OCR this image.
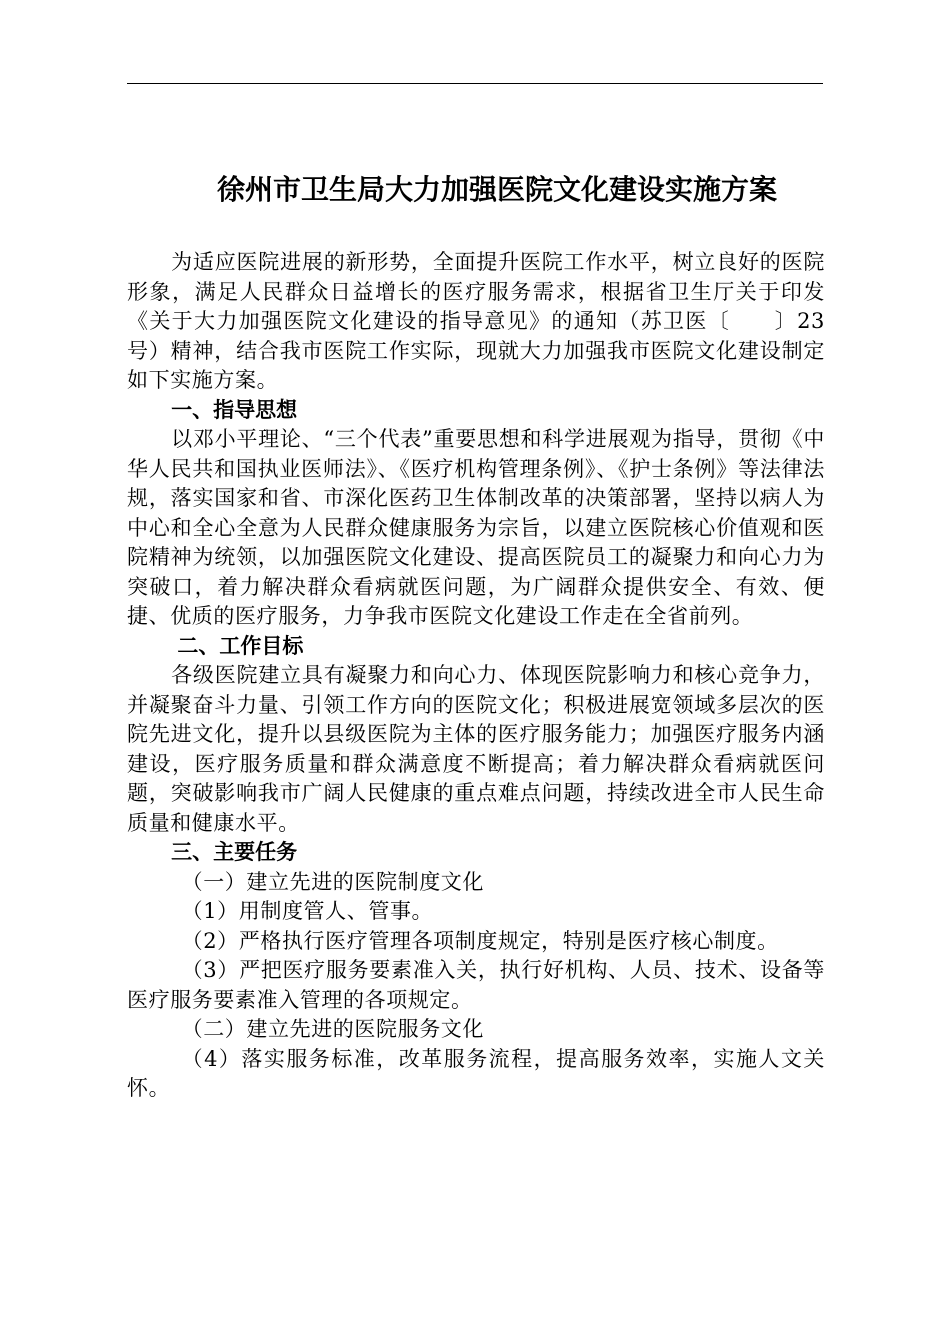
徐州市卫生局大力加强医院文化建设实施方案

为适应医院进展的新形势，全面提升医院工作水平，树立良好的医院形象，满足人民群众日益增长的医疗服务需求，根据省卫生厅关于印发《关于大力加强医院文化建设的指导意见》的通知（苏卫医〔　　〕23号）精神，结合我市医院工作实际，现就大力加强我市医院文化建设制定如下实施方案。

一、指导思想

以邓小平理论、“三个代表”重要思想和科学进展观为指导，贯彻《中华人民共和国执业医师法》、《医疗机构管理条例》、《护士条例》等法律法规，落实国家和省、市深化医药卫生体制改革的决策部署，坚持以病人为中心和全心全意为人民群众健康服务为宗旨，以建立医院核心价值观和医院精神为统领，以加强医院文化建设、提高医院员工的凝聚力和向心力为突破口，着力解决群众看病就医问题，为广阔群众提供安全、有效、便捷、优质的医疗服务，力争我市医院文化建设工作走在全省前列。

二、工作目标

各级医院建立具有凝聚力和向心力、体现医院影响力和核心竞争力，并凝聚奋斗力量、引领工作方向的医院文化；积极进展宽领域多层次的医院先进文化，提升以县级医院为主体的医疗服务能力；加强医疗服务内涵建设，医疗服务质量和群众满意度不断提高；着力解决群众看病就医问题，突破影响我市广阔人民健康的重点难点问题，持续改进全市人民生命质量和健康水平。

三、主要任务

（一）建立先进的医院制度文化

（1）用制度管人、管事。

（2）严格执行医疗管理各项制度规定，特别是医疗核心制度。

（3）严把医疗服务要素准入关，执行好机构、人员、技术、设备等医疗服务要素准入管理的各项规定。

（二）建立先进的医院服务文化

（4）落实服务标准，改革服务流程，提高服务效率，实施人文关怀。
